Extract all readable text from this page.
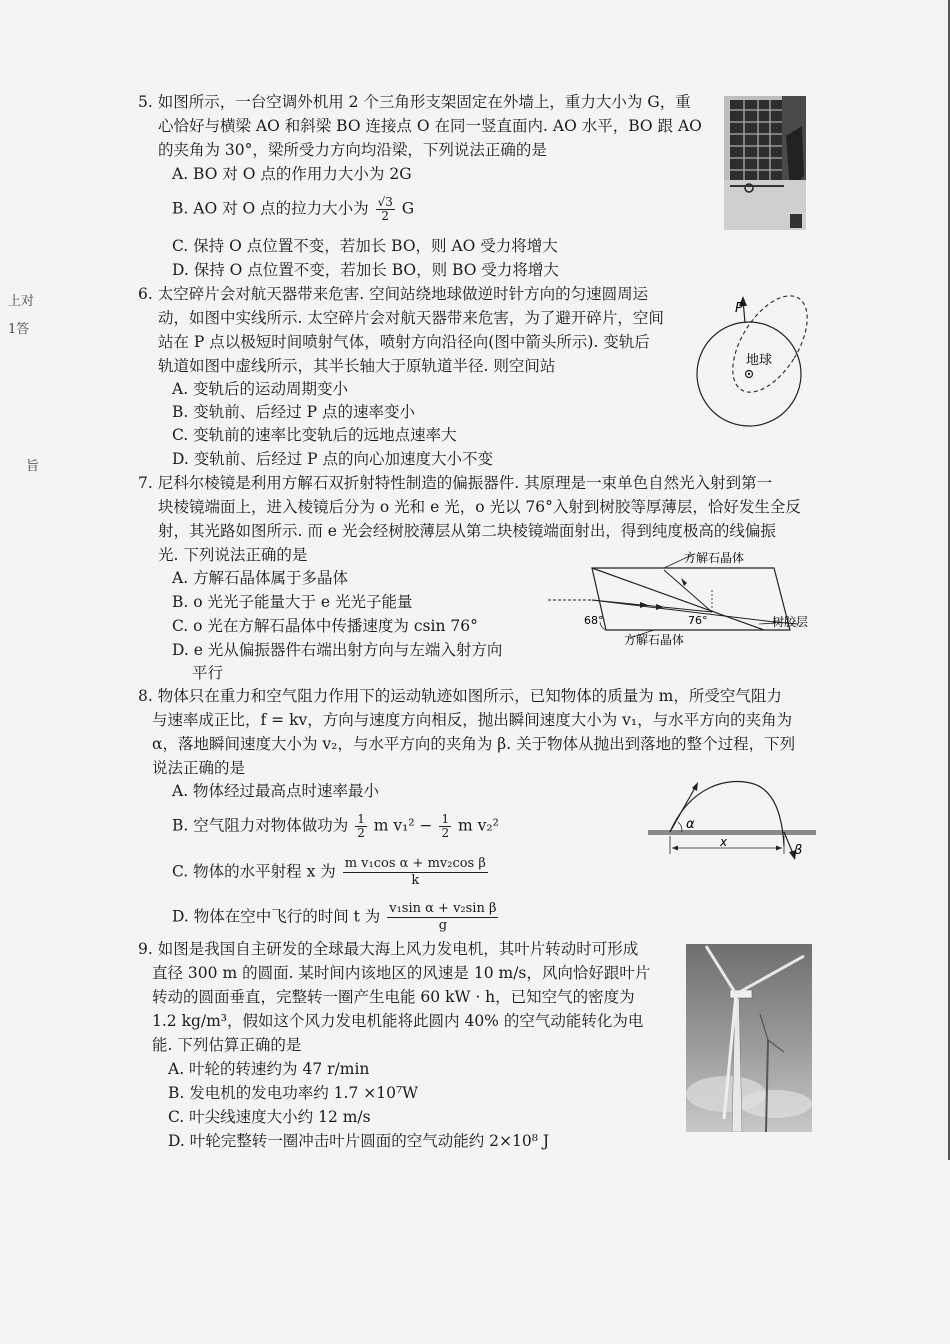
上对
1答
旨
5. 如图所示，一台空调外机用 2 个三角形支架固定在外墙上，重力大小为 G，重
心恰好与横梁 AO 和斜梁 BO 连接点 O 在同一竖直面内. AO 水平，BO 跟 AO
的夹角为 30°，梁所受力方向均沿梁，下列说法正确的是
A. BO 对 O 点的作用力大小为 2G
B. AO 对 O 点的拉力大小为 $\frac{√3}{2}$ G
C. 保持 O 点位置不变，若加长 BO，则 AO 受力将增大
D. 保持 O 点位置不变，若加长 BO，则 BO 受力将增大
6. 太空碎片会对航天器带来危害. 空间站绕地球做逆时针方向的匀速圆周运
动，如图中实线所示. 太空碎片会对航天器带来危害，为了避开碎片，空间
站在 P 点以极短时间喷射气体，喷射方向沿径向(图中箭头所示). 变轨后
轨道如图中虚线所示，其半长轴大于原轨道半径. 则空间站
A. 变轨后的运动周期变小
B. 变轨前、后经过 P 点的速率变小
C. 变轨前的速率比变轨后的远地点速率大
D. 变轨前、后经过 P 点的向心加速度大小不变
P
地球
7. 尼科尔棱镜是利用方解石双折射特性制造的偏振器件. 其原理是一束单色自然光入射到第一
块棱镜端面上，进入棱镜后分为 o 光和 e 光，o 光以 76°入射到树胶等厚薄层，恰好发生全反
射，其光路如图所示. 而 e 光会经树胶薄层从第二块棱镜端面射出，得到纯度极高的线偏振
光. 下列说法正确的是
A. 方解石晶体属于多晶体
B. o 光光子能量大于 e 光光子能量
C. o 光在方解石晶体中传播速度为 csin 76°
D. e 光从偏振器件右端出射方向与左端入射方向
平行
方解石晶体
方解石晶体
树胶层
68°	76°
8. 物体只在重力和空气阻力作用下的运动轨迹如图所示，已知物体的质量为 m，所受空气阻力
与速率成正比，f = kv，方向与速度方向相反，抛出瞬间速度大小为 v₁，与水平方向的夹角为
α，落地瞬间速度大小为 v₂，与水平方向的夹角为 β. 关于物体从抛出到落地的整个过程，下列
说法正确的是
A. 物体经过最高点时速率最小
B. 空气阻力对物体做功为 $\frac{1}{2}$ m $v_1^2 - \frac{1}{2}$ m v₂²
C. 物体的水平射程 x 为 $\frac{\text{m v₁cos α + mv₂cos β}}{k}$
D. 物体在空中飞行的时间 t 为 $\frac{\text{v₁sin α + v₂sin β}}{g}$
α
β
x
9. 如图是我国自主研发的全球最大海上风力发电机，其叶片转动时可形成
直径 300 m 的圆面. 某时间内该地区的风速是 10 m/s，风向恰好跟叶片
转动的圆面垂直，完整转一圈产生电能 60 kW · h，已知空气的密度为
1.2 kg/m³，假如这个风力发电机能将此圆内 40% 的空气动能转化为电
能. 下列估算正确的是
A. 叶轮的转速约为 47 r/min
B. 发电机的发电功率约 1.7 ×10⁷W
C. 叶尖线速度大小约 12 m/s
D. 叶轮完整转一圈冲击叶片圆面的空气动能约 2×10⁸ J
